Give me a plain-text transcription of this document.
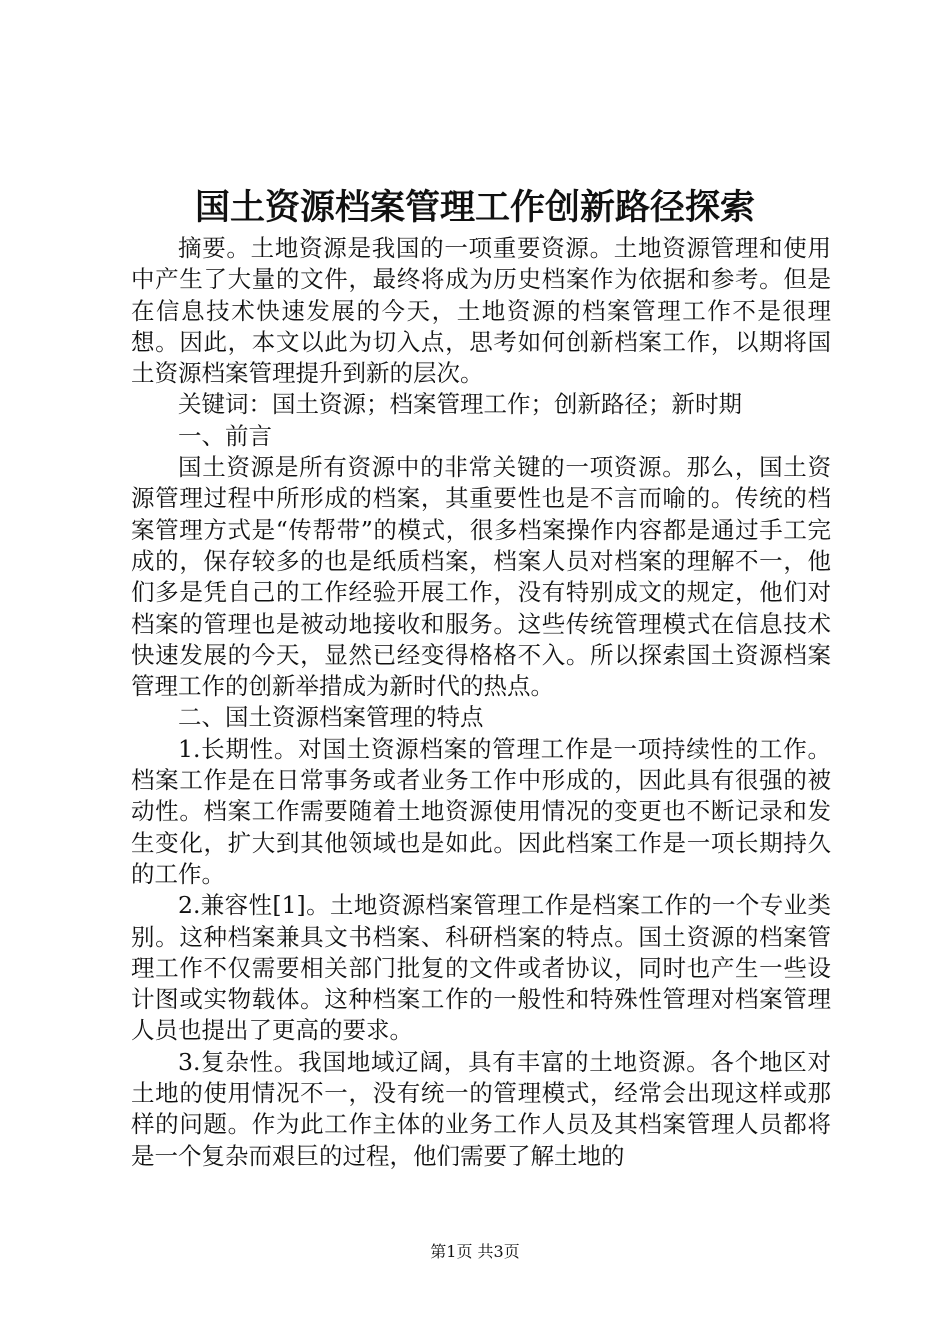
国土资源档案管理工作创新路径探索

摘要。土地资源是我国的一项重要资源。土地资源管理和使用中产生了大量的文件，最终将成为历史档案作为依据和参考。但是在信息技术快速发展的今天，土地资源的档案管理工作不是很理想。因此，本文以此为切入点，思考如何创新档案工作，以期将国土资源档案管理提升到新的层次。

关键词：国土资源；档案管理工作；创新路径；新时期

一、前言

国土资源是所有资源中的非常关键的一项资源。那么，国土资源管理过程中所形成的档案，其重要性也是不言而喻的。传统的档案管理方式是“传帮带”的模式，很多档案操作内容都是通过手工完成的，保存较多的也是纸质档案，档案人员对档案的理解不一，他们多是凭自己的工作经验开展工作，没有特别成文的规定，他们对档案的管理也是被动地接收和服务。这些传统管理模式在信息技术快速发展的今天，显然已经变得格格不入。所以探索国土资源档案管理工作的创新举措成为新时代的热点。

二、国土资源档案管理的特点

1.长期性。对国土资源档案的管理工作是一项持续性的工作。档案工作是在日常事务或者业务工作中形成的，因此具有很强的被动性。档案工作需要随着土地资源使用情况的变更也不断记录和发生变化，扩大到其他领域也是如此。因此档案工作是一项长期持久的工作。

2.兼容性[1]。土地资源档案管理工作是档案工作的一个专业类别。这种档案兼具文书档案、科研档案的特点。国土资源的档案管理工作不仅需要相关部门批复的文件或者协议，同时也产生一些设计图或实物载体。这种档案工作的一般性和特殊性管理对档案管理人员也提出了更高的要求。

3.复杂性。我国地域辽阔，具有丰富的土地资源。各个地区对土地的使用情况不一，没有统一的管理模式，经常会出现这样或那样的问题。作为此工作主体的业务工作人员及其档案管理人员都将是一个复杂而艰巨的过程，他们需要了解土地的

第1页 共3页
